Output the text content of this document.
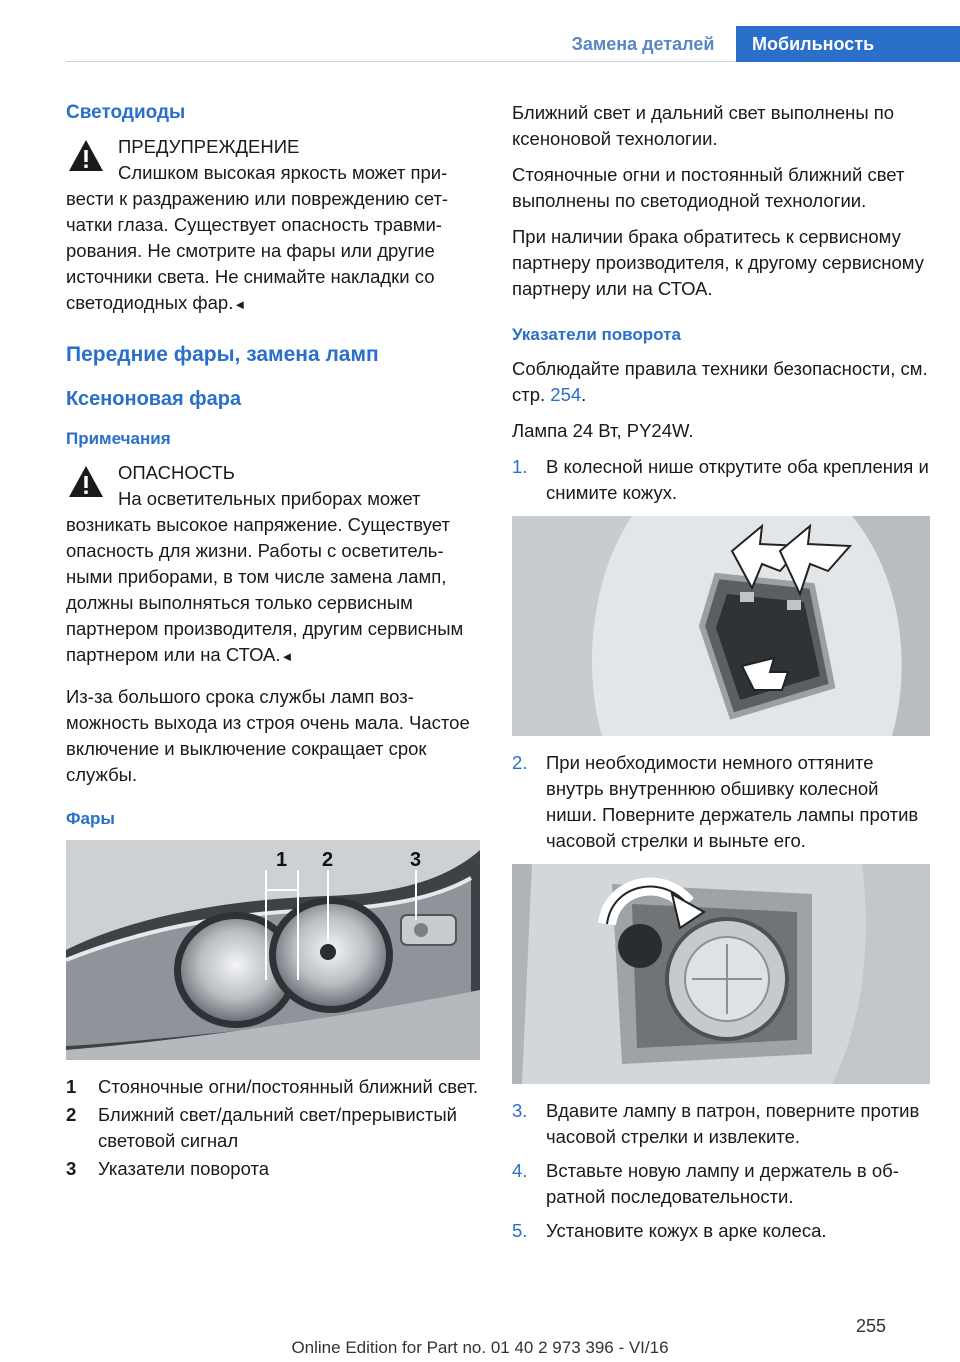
Замена деталей	Мобильность
Светодиоды
ПРЕДУПРЕЖДЕНИЕ
Слишком высокая яркость может привести к раздражению или повреждению сетчатки глаза. Существует опасность травмирования. Не смотрите на фары или другие источники света. Не снимайте накладки со светодиодных фар.◄
Передние фары, замена ламп
Ксеноновая фара
Примечания
ОПАСНОСТЬ
На осветительных приборах может возникать высокое напряжение. Существует опасность для жизни. Работы с осветительными приборами, в том числе замена ламп, должны выполняться только сервисным партнером производителя, другим сервисным партнером или на СТОА.◄

Из-за большого срока службы ламп возможность выхода из строя очень мала. Частое включение и выключение сокращает срок службы.

Фары
1 2	3
1	Стояночные огни/постоянный ближний свет.
2	Ближний свет/дальний свет/прерывистый световой сигнал
3	Указатели поворота

Ближний свет и дальний свет выполнены по ксеноновой технологии.

Стояночные огни и постоянный ближний свет выполнены по светодиодной технологии.

При наличии брака обратитесь к сервисному партнеру производителя, к другому сервисному партнеру или на СТОА.

Указатели поворота

Соблюдайте правила техники безопасности, см. стр. 254.

Лампа 24 Вт, PY24W.

1.	В колесной нише открутите оба крепления и снимите кожух.
2.	При необходимости немного оттяните внутрь внутреннюю обшивку колесной ниши. Поверните держатель лампы против часовой стрелки и выньте его.
3.	Вдавите лампу в патрон, поверните против часовой стрелки и извлеките.
4.	Вставьте новую лампу и держатель в обратной последовательности.
5.	Установите кожух в арке колеса.
255
Online Edition for Part no. 01 40 2 973 396 - VI/16
